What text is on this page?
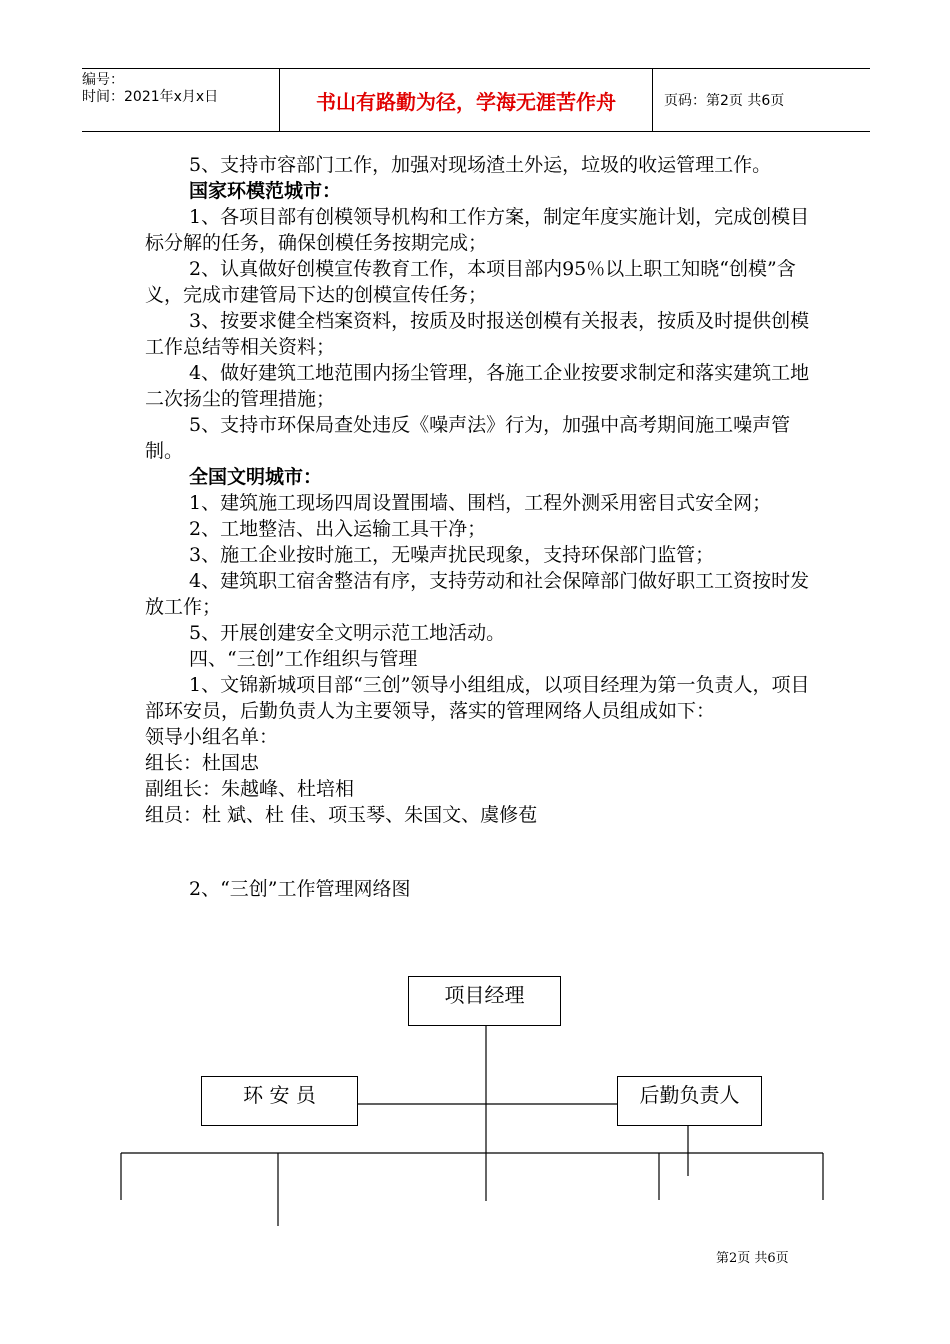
编号：
时间：2021年x月x日	书山有路勤为径，学海无涯苦作舟	页码：第2页 共6页

5、支持市容部门工作，加强对现场渣土外运，垃圾的收运管理工作。

国家环模范城市：

1、各项目部有创模领导机构和工作方案，制定年度实施计划，完成创模目标分解的任务，确保创模任务按期完成；

2、认真做好创模宣传教育工作，本项目部内95％以上职工知晓“创模”含义，完成市建管局下达的创模宣传任务；

3、按要求健全档案资料，按质及时报送创模有关报表，按质及时提供创模工作总结等相关资料；

4、做好建筑工地范围内扬尘管理，各施工企业按要求制定和落实建筑工地二次扬尘的管理措施；

5、支持市环保局查处违反《噪声法》行为，加强中高考期间施工噪声管制。

全国文明城市：

1、建筑施工现场四周设置围墙、围档，工程外测采用密目式安全网；

2、工地整洁、出入运输工具干净；

3、施工企业按时施工，无噪声扰民现象，支持环保部门监管；

4、建筑职工宿舍整洁有序，支持劳动和社会保障部门做好职工工资按时发放工作；

5、开展创建安全文明示范工地活动。

四、“三创”工作组织与管理

1、文锦新城项目部“三创”领导小组组成，以项目经理为第一负责人，项目部环安员，后勤负责人为主要领导，落实的管理网络人员组成如下：

领导小组名单：

组长：杜国忠

副组长：朱越峰、杜培相

组员：杜 斌、杜 佳、项玉琴、朱国文、虞修苞

2、“三创”工作管理网络图

项目经理
环 安 员	后勤负责人
第2页 共6页
